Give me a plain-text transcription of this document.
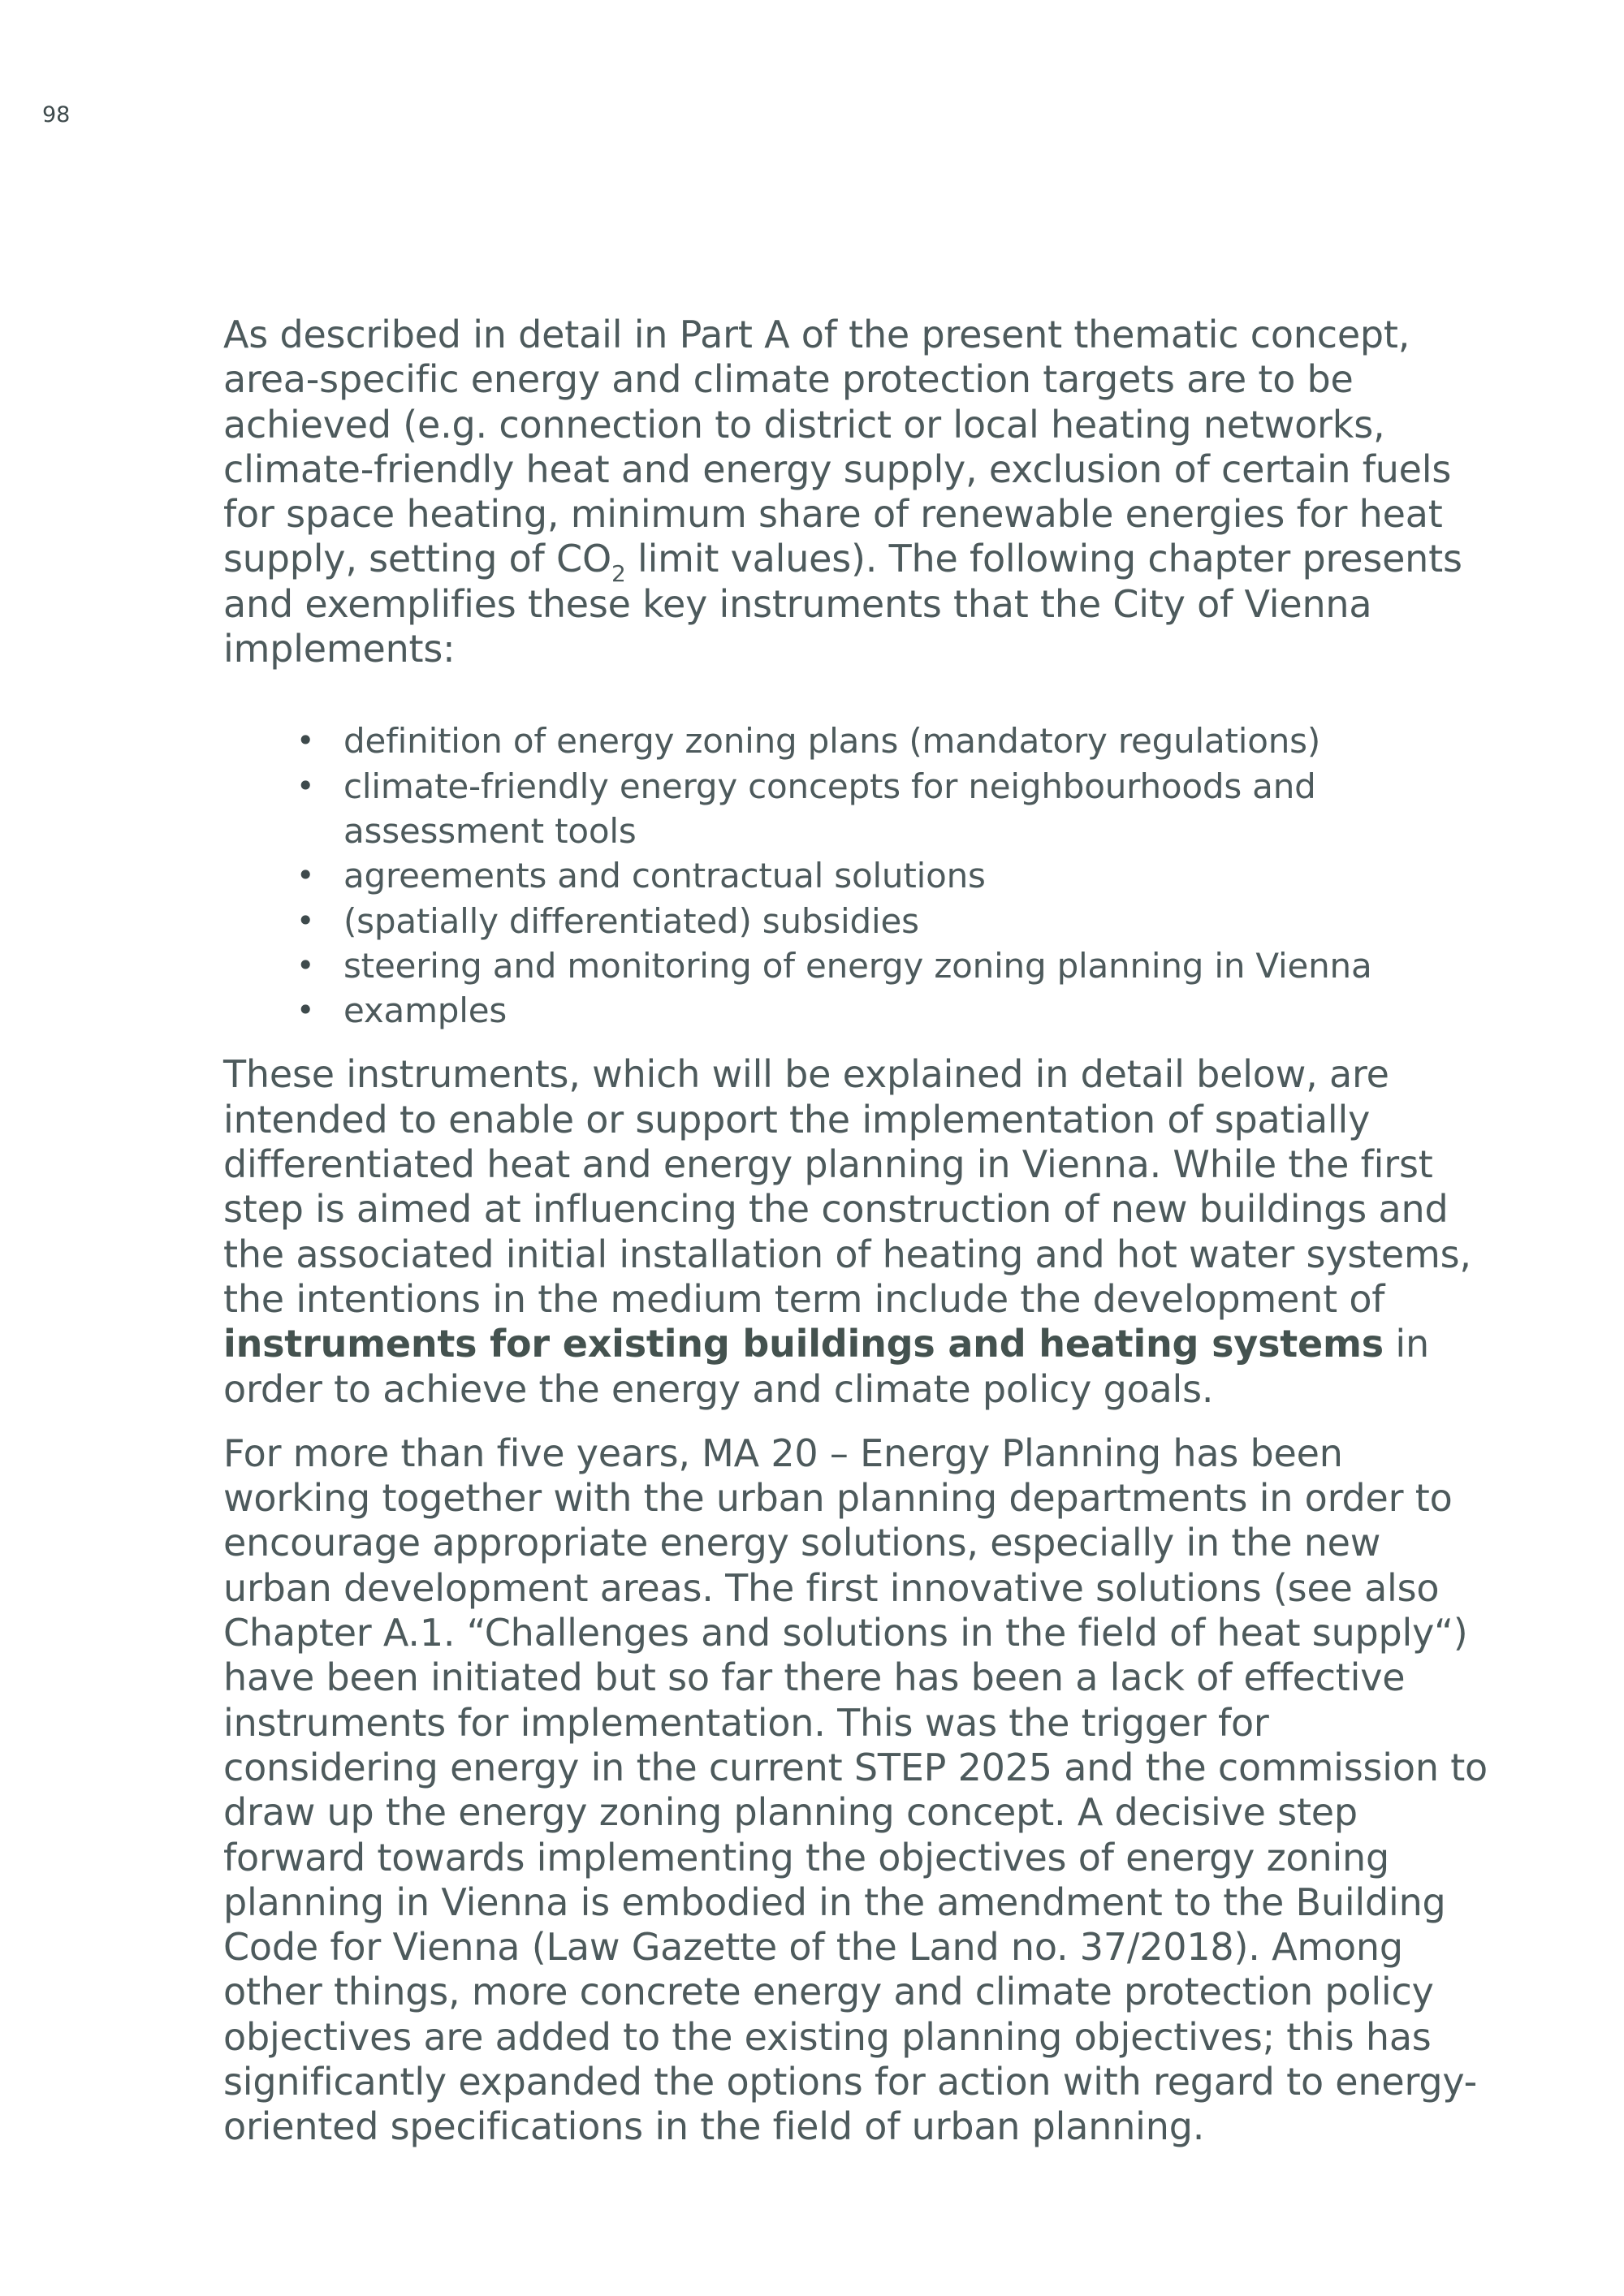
98

As described in detail in Part A of the present thematic concept, area-specific energy and climate protection targets are to be achieved (e.g. connection to district or local heating networks, climate-friendly heat and energy supply, exclusion of certain fuels for space heating, minimum share of renewable energies for heat supply, setting of $CO_2$ limit values). The following chapter presents and exemplifies these key instruments that the City of Vienna implements:

• definition of energy zoning plans (mandatory regulations)
• climate-friendly energy concepts for neighbourhoods and assessment tools
• agreements and contractual solutions
• (spatially differentiated) subsidies
• steering and monitoring of energy zoning planning in Vienna
• examples

These instruments, which will be explained in detail below, are intended to enable or support the implementation of spatially differentiated heat and energy planning in Vienna. While the first step is aimed at influencing the construction of new buildings and the associated initial installation of heating and hot water systems, the intentions in the medium term include the development of instruments for existing buildings and heating systems in order to achieve the energy and climate policy goals.

For more than five years, MA 20 – Energy Planning has been working together with the urban planning departments in order to encourage appropriate energy solutions, especially in the new urban development areas. The first innovative solutions (see also Chapter A.1. “Challenges and solutions in the field of heat supply“) have been initiated but so far there has been a lack of effective instruments for implementation. This was the trigger for considering energy in the current STEP 2025 and the commission to draw up the energy zoning planning concept. A decisive step forward towards implementing the objectives of energy zoning planning in Vienna is embodied in the amendment to the Building Code for Vienna (Law Gazette of the Land no. 37/2018). Among other things, more concrete energy and climate protection policy objectives are added to the existing planning objectives; this has significantly expanded the options for action with regard to energy-oriented specifications in the field of urban planning.
